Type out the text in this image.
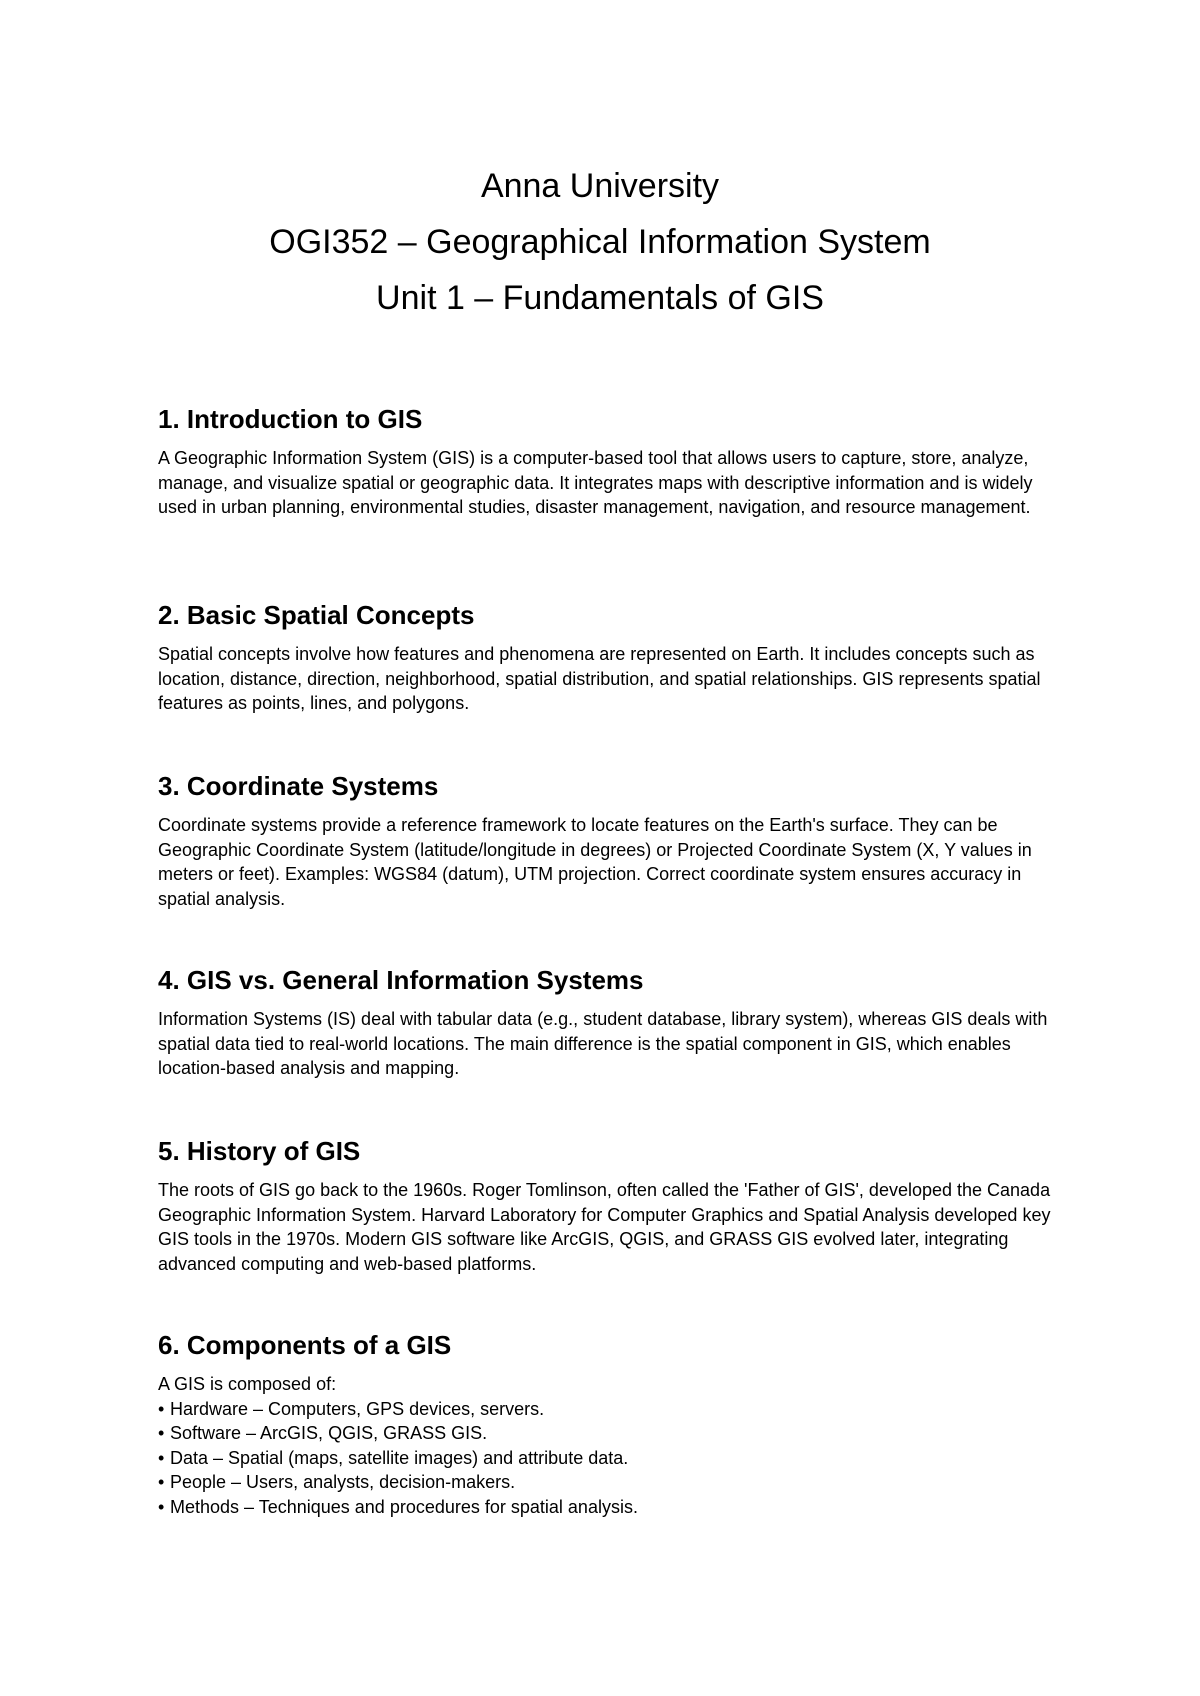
Anna University
OGI352 – Geographical Information System
Unit 1 – Fundamentals of GIS
1. Introduction to GIS

A Geographic Information System (GIS) is a computer-based tool that allows users to capture, store, analyze, manage, and visualize spatial or geographic data. It integrates maps with descriptive information and is widely used in urban planning, environmental studies, disaster management, navigation, and resource management.

2. Basic Spatial Concepts

Spatial concepts involve how features and phenomena are represented on Earth. It includes concepts such as location, distance, direction, neighborhood, spatial distribution, and spatial relationships. GIS represents spatial features as points, lines, and polygons.

3. Coordinate Systems

Coordinate systems provide a reference framework to locate features on the Earth's surface. They can be Geographic Coordinate System (latitude/longitude in degrees) or Projected Coordinate System (X, Y values in meters or feet). Examples: WGS84 (datum), UTM projection. Correct coordinate system ensures accuracy in spatial analysis.

4. GIS vs. General Information Systems

Information Systems (IS) deal with tabular data (e.g., student database, library system), whereas GIS deals with spatial data tied to real-world locations. The main difference is the spatial component in GIS, which enables location-based analysis and mapping.

5. History of GIS

The roots of GIS go back to the 1960s. Roger Tomlinson, often called the 'Father of GIS', developed the Canada Geographic Information System. Harvard Laboratory for Computer Graphics and Spatial Analysis developed key GIS tools in the 1970s. Modern GIS software like ArcGIS, QGIS, and GRASS GIS evolved later, integrating advanced computing and web-based platforms.

6. Components of a GIS

A GIS is composed of:

• Hardware – Computers, GPS devices, servers.
• Software – ArcGIS, QGIS, GRASS GIS.
• Data – Spatial (maps, satellite images) and attribute data.
• People – Users, analysts, decision-makers.
• Methods – Techniques and procedures for spatial analysis.
